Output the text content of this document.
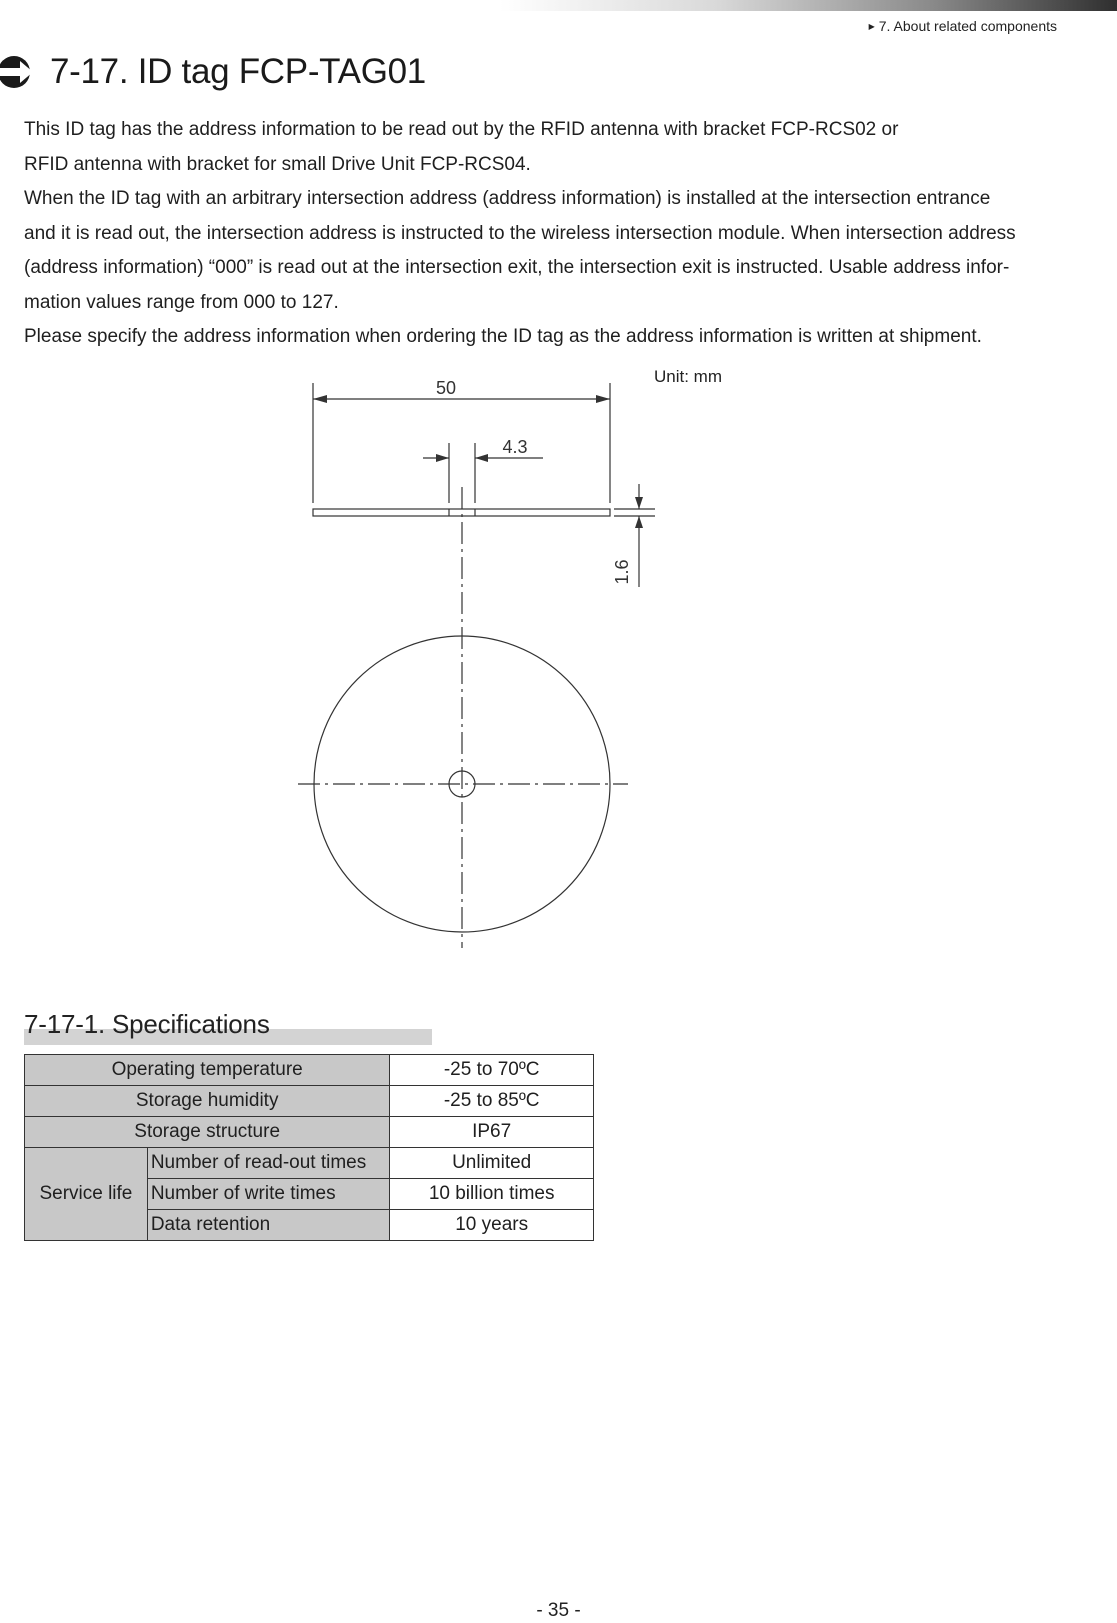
▶ 7. About related components
7-17. ID tag FCP-TAG01

This ID tag has the address information to be read out by the RFID antenna with bracket FCP-RCS02 or

RFID antenna with bracket for small Drive Unit FCP-RCS04.

When the ID tag with an arbitrary intersection address (address information) is installed at the intersection entrance

and it is read out, the intersection address is instructed to the wireless intersection module. When intersection address

(address information) “000” is read out at the intersection exit, the intersection exit is instructed. Usable address infor-

mation values range from 000 to 127.

Please specify the address information when ordering the ID tag as the address information is written at shipment.

Unit: mm
50
4.3
1.6
7-17-1. Specifications
Operating temperature		-25 to 70ºC
Storage humidity		-25 to 85ºC
Storage structure		IP67
Service life	Number of read-out times	Unlimited
	Number of write times	10 billion times
	Data retention	10 years
- 35 -
